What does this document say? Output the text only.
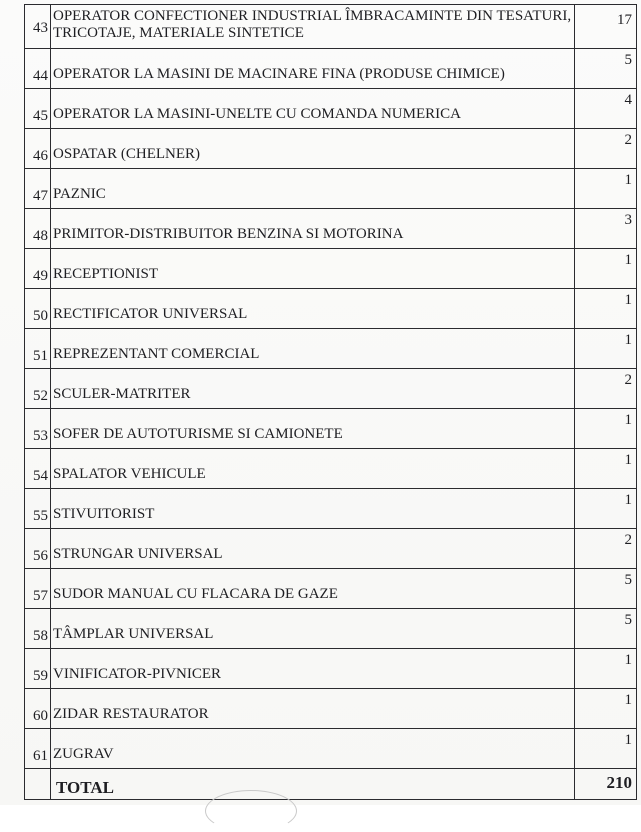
43	OPERATOR CONFECTIONER INDUSTRIAL ÎMBRACAMINTE DIN TESATURI, TRICOTAJE, MATERIALE SINTETICE	17

44	OPERATOR LA MASINI DE MACINARE FINA (PRODUSE CHIMICE)	5

45	OPERATOR LA MASINI-UNELTE CU COMANDA NUMERICA	4

46	OSPATAR (CHELNER)	2

47	PAZNIC	1

48	PRIMITOR-DISTRIBUITOR BENZINA SI MOTORINA	3

49	RECEPTIONIST	1

50	RECTIFICATOR UNIVERSAL	1

51	REPREZENTANT COMERCIAL	1

52	SCULER-MATRITER	2

53	SOFER DE AUTOTURISME SI CAMIONETE	1

54	SPALATOR VEHICULE	1

55	STIVUITORIST	1

56	STRUNGAR UNIVERSAL	2

57	SUDOR MANUAL CU FLACARA DE GAZE	5

58	TÂMPLAR UNIVERSAL	5

59	VINIFICATOR-PIVNICER	1

60	ZIDAR RESTAURATOR	1

61	ZUGRAV	1

	TOTAL	210
